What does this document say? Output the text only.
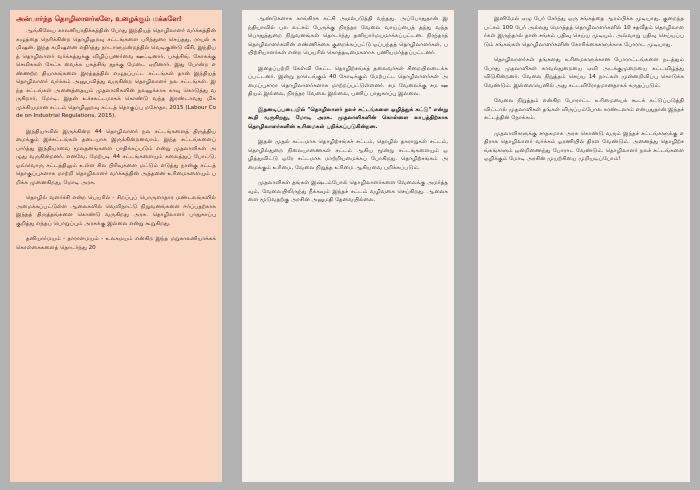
அன்பார்ந்த தொழிலாளர்களே, உழைக்கும் மக்களே!

ஆங்கிலேய காலனியாதிக்கத்தின் போது இந்தியத் தொழிலாளர் வர்க்கத்தின் கழுத்தை நெரிக்கின்ற தொழிலுறவு சட்டங்களை பரிந்துரை செய்தது, ராயல் கமிஷன். இந்த கமிஷனை எதிர்த்து நாடாளுமன்றத்தில் வெடிகுண்டு வீசி, இந்தியத் தொழிலாளர் வர்க்கத்துக்கு விழிப்புணர்வை ஊட்டினார், பகத்சிங். கோசுக்கு செவிசுகள் கேட்க வைக்க பகத்சிங் தூக்கு மேடை ஏறினார். இது போன்ற எண்ணற்ற தியாகங்களை இரத்தத்தில் எழுதப்பட்ட சட்டங்கள் தான் இந்தியத் தொழிலாளர் வர்க்கம் அனுபவித்து வருகின்ற தொழிலாளர் நல சட்டங்கள். இந்த சட்டங்கள் அனைத்தையும் முதலாளிகளின் நலனுக்காக காவு கொடுத்து வருகிறார், மோடி. இதன் உச்சகட்டமாகக் கொண்டு வந்த இரண்டாவது மிக முக்கியமான சட்டம் தொழிலுறவு சட்டத் தொகுப்பு மசோதா, 2015 (Labour Code on Industrial Regulations, 2015).

இந்தியாவில் இருக்கின்ற 44 தொழிலாளர் நல சட்டங்களைத் திருத்தியமைக்கும் இச்சட்டங்கள் தடையாக இருக்கின்றனவாம். இந்த சட்டங்களைப் பார்த்து இந்தியாவை மூலதனங்களை பாதிக்கப்படும் என்று முதலாளிகள் அழுது வருகின்றனர். எனவே, மேற்படி 44 சட்டங்களையும் கலைத்துப் போட்டு, ஒவ்வொரு சட்டத்திலும் உள்ள சில பிரிவுகளை மட்டும் எடுத்து நான்கு சட்டத் தொகுப்புகளாக மாற்றி தொழிலாளர் வர்க்கத்தின் அத்தனை உரிமைகளையும் பறிக்க முனைகிறது, மோடி அரசு.

தொழில் வளர்ச்சி என்ற பெயரில் - சிறப்புப் பொருளாதார மண்டலங்களில் அமைக்கப்பட்டுள்ள ஆலைகளில் வெளிநாட்டு நிறுவனங்களை ஈர்ப்பதற்காக இந்தத் திருத்தங்களை கொண்டு வருகிறது அரசு. தொழிலாளர் பாதுகாப்பு குறித்து எந்தப் பொறுப்பும் அரசுக்கு இல்லை என்று கூறுகிறது.

தனியார்மயம் - தாராளமயம் - உலகமயம் என்கிற இந்த மறுகாலனியாக்கக் கொள்கைகளைத் தொடர்ந்து 20

ஆண்டுகளாக காங்கிரசு கட்சி அமல்படுத்தி வந்தது. அப்போதுதான் இந்தியாவில் பல லட்சம் பேருக்கு நிரந்தர வேலை வாய்ப்பைத் தந்து வந்த பொதுத்துறை நிறுவனங்கள் தொடர்ந்து தனியார்மயமாக்கப்பட்டன. நிரந்தரத் தொழிலாளர்களின் எண்ணிக்கை குறைக்கப்பட்டு ஒப்பந்தத் தொழிலாளர்கள், பயிற்சியாளர்கள் என்ற பெயரில் கொத்தடிமைகளாக பணியமர்த்தப்பட்டனர்.

இதைப்பற்றி கேள்வி கேட்ட தொழிற்சங்கத் தலைவர்கள் சிறையிலடைக்கப்பட்டனர். இன்று நாடெங்கும் 40 கோடிக்கும் மேற்பட்ட தொழிலாளர்கள் அமைப்புசாரா தொழிலாளர்களாக மாற்றப்பட்டுள்ளனர். சம வேலைக்கு சம ஊதியம் இல்லை, நிரந்தர வேலை இல்லை, பணிப் பாதுகாப்பு இல்லை.

இதனடிப்படையில் "தொழிலாளர் நலச் சட்டங்களை ஒழித்துக் கட்டு" என்று கூறி வருகிறது, மோடி அரசு. முதலாளிகளின் கொள்ளை லாபத்திற்காக தொழிலாளர்களின் உரிமைகள் பறிக்கப்படுகின்றன.

இதன் முதல் கட்டமாக தொழிற்சங்கச் சட்டம், தொழில் தகராறுகள் சட்டம், தொழில்துறை நிலையாணைகள் சட்டம் ஆகிய மூன்று சட்டங்களையும் ஒழித்துவிட்டு ஒரே சட்டமாக மாற்றியமைக்கப் போகிறது. தொழிற்சங்கம் அமைக்கும் உரிமை, வேலை நிறுத்த உரிமை ஆகியவை பறிக்கப்படும்.

முதலாளிகள் தங்கள் இஷ்டம்போல் தொழிலாளர்களை வேலைக்கு அமர்த்தவும், வேலையிலிருந்து நீக்கவும் இந்தச் சட்டம் வழிவகை செய்கிறது. ஆலைகளை மூடுவதற்கு அரசின் அனுமதி தேவையில்லை.

இனிமேல் ஏழு பேர் சேர்ந்து ஒரு சங்கத்தை ஆரம்பிக்க முடியாது. குறைந்தபட்சம் 100 பேர் அல்லது மொத்தத் தொழிலாளர்களில் 10 சதவீதம் தொழிலாளர்கள் இருந்தால் தான் சங்கம் பதிவு செய்ய முடியும். அவ்வாறு பதிவு செய்யப்படும் சங்கங்கள் தொழிலாளர்களின் கோரிக்கைகளுக்காக போராட முடியாது.

தொழிலாளர்கள் தங்களது உரிமைகளுக்கான போராட்டங்களை நடத்தும் போது முதலாளிகள் காவல்துறையை ஏவி அடக்குமுறையை கட்டவிழ்த்து விடுகின்றனர். வேலை நிறுத்தம் செய்ய 14 நாட்கள் முன்னறிவிப்பு கொடுக்க வேண்டும். இல்லையெனில் அது சட்டவிரோதமானதாகக் கருதப்படும்.

வேலை நிறுத்தம் என்கிற போராட்ட உரிமையைக் கூடக் கட்டுப்படுத்தி விட்டால் முதலாளிகள் தங்கள் விருப்பம்போல சுரண்டலாம் என்பதுதான் இந்தச் சட்டத்தின் நோக்கம்.

முதலாளிகளுக்கு சாதகமாக அரசு கொண்டு வரும் இந்தச் சட்டங்களுக்கு எதிராக தொழிலாளர் வர்க்கம் ஓரணியில் திரள வேண்டும். அனைத்து தொழிற்சங்கங்களும் ஒன்றிணைந்து போராட வேண்டும். தொழிலாளர் நலச் சட்டங்களை ஒழிக்கும் மோடி அரசின் முயற்சியை முறியடிப்போம்!
